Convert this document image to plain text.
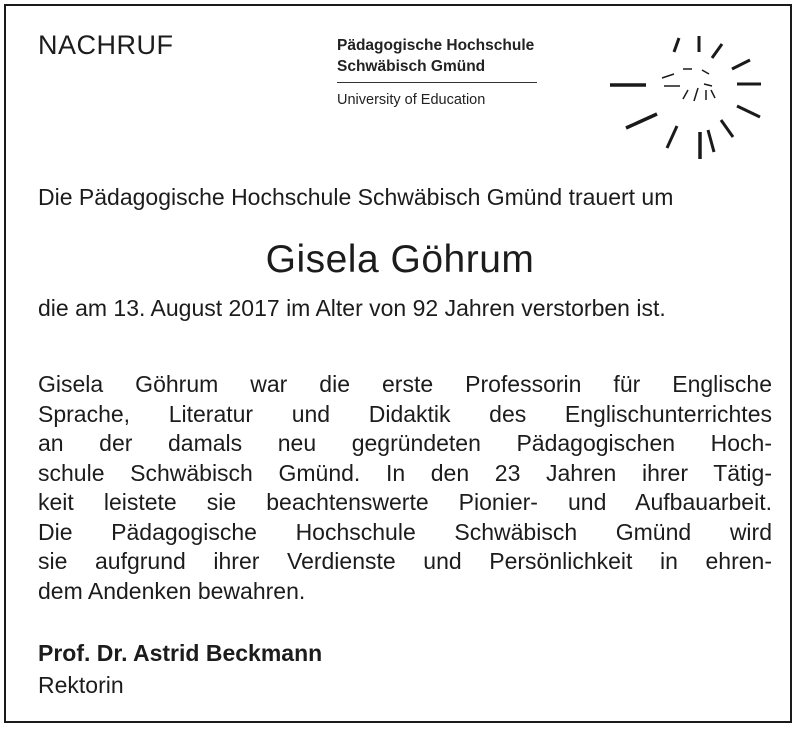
NACHRUF	Pädagogische Hochschule
Schwäbisch Gmünd
University of Education
Die Pädagogische Hochschule Schwäbisch Gmünd trauert um
Gisela Göhrum
die am 13. August 2017 im Alter von 92 Jahren verstorben ist.
Gisela Göhrum war die erste Professorin für Englische
Sprache, Literatur und Didaktik des Englischunterrichtes
an der damals neu gegründeten Pädagogischen Hoch-
schule Schwäbisch Gmünd. In den 23 Jahren ihrer Tätig-
keit leistete sie beachtenswerte Pionier- und Aufbauarbeit.
Die Pädagogische Hochschule Schwäbisch Gmünd wird
sie aufgrund ihrer Verdienste und Persönlichkeit in ehren-
dem Andenken bewahren.
Prof. Dr. Astrid Beckmann
Rektorin
